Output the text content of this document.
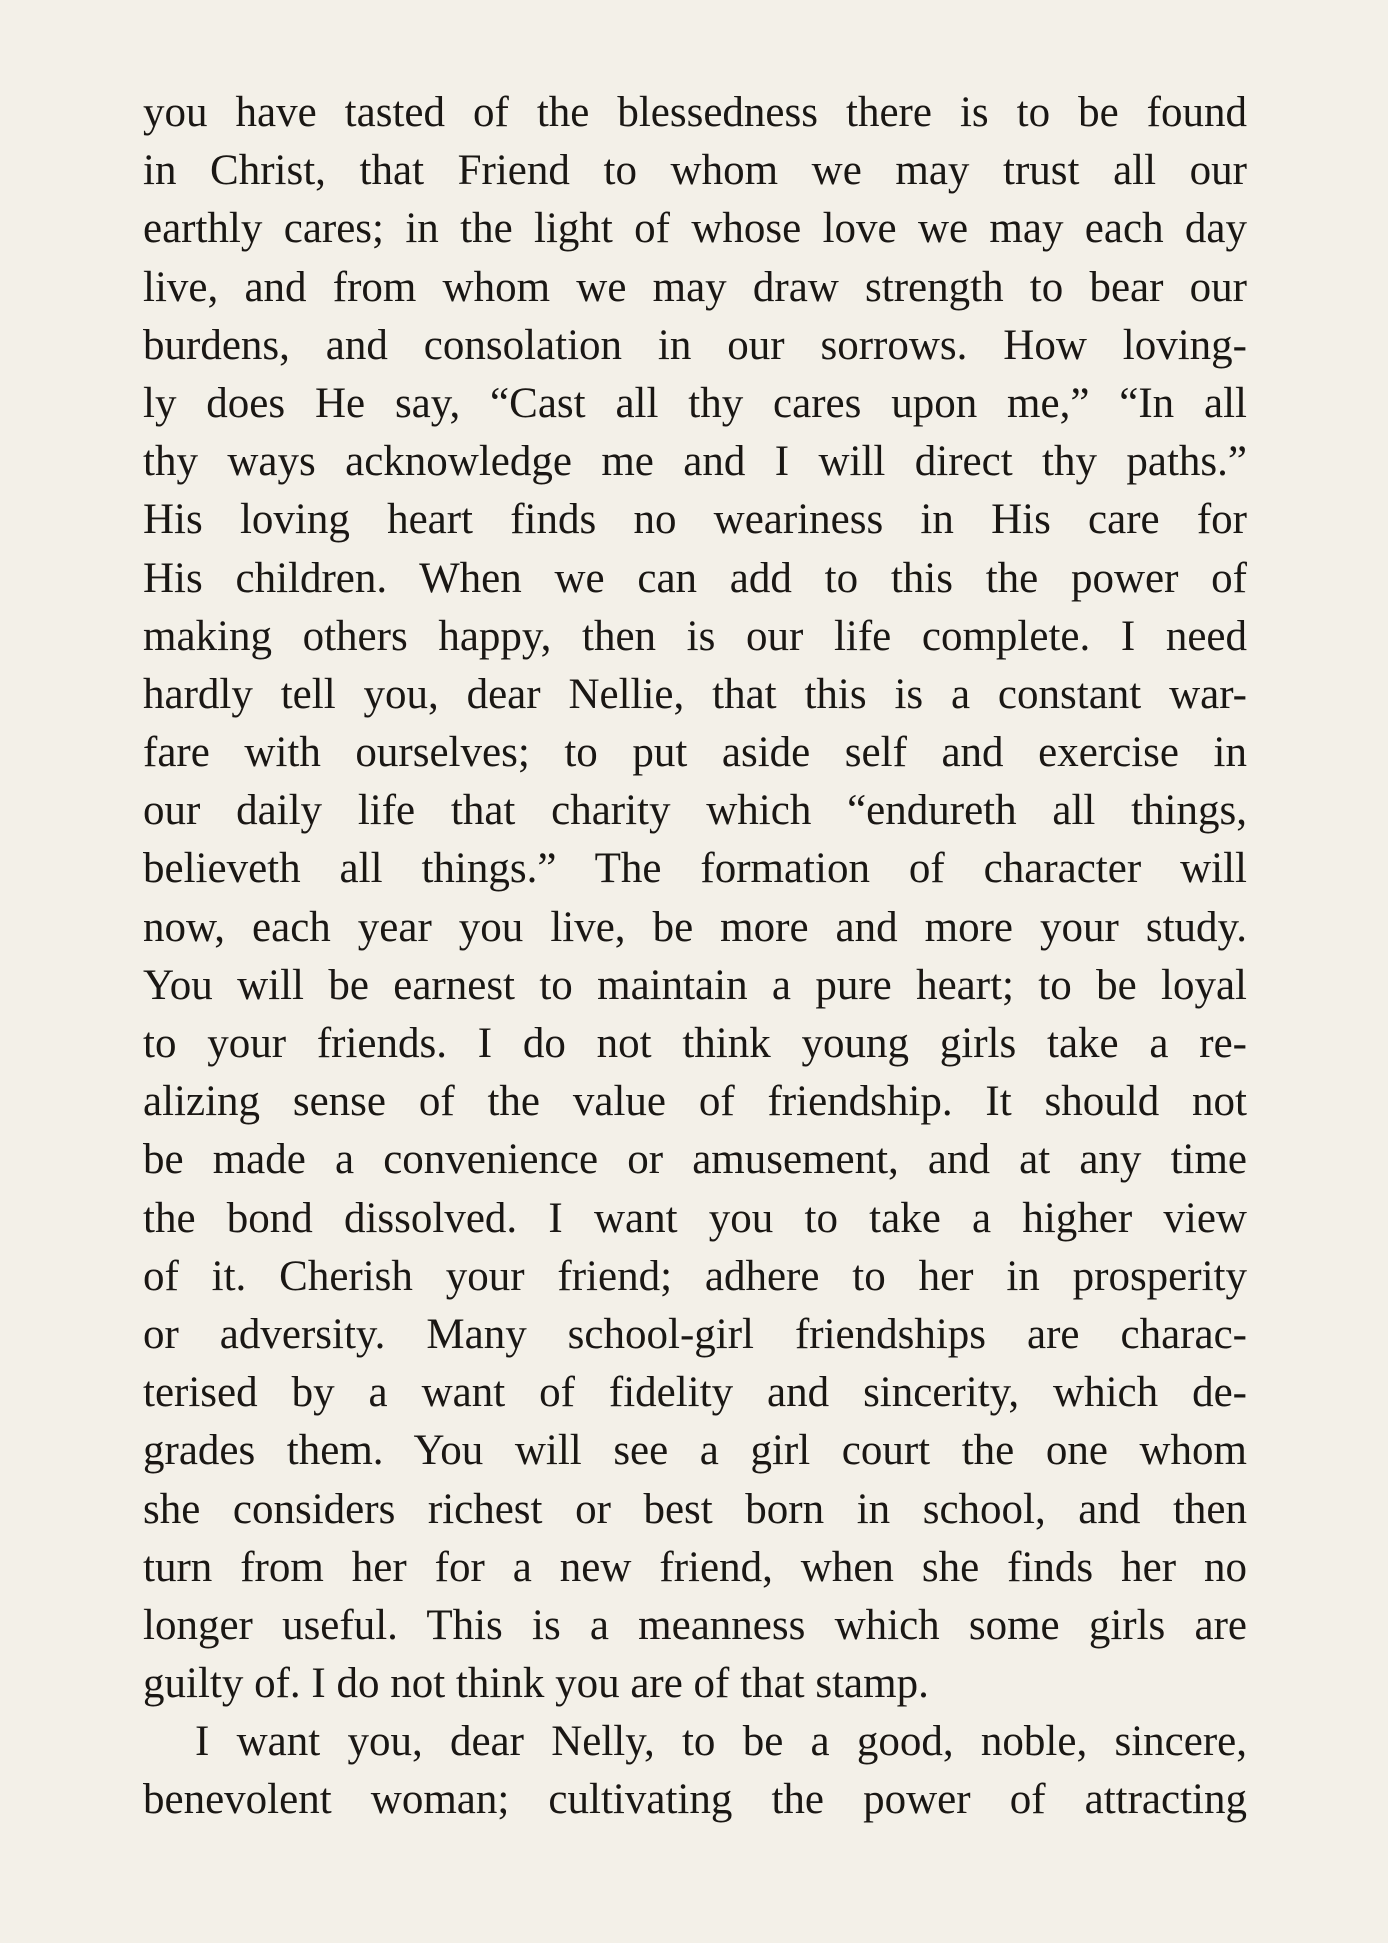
you have tasted of the blessedness there is to be found
in Christ, that Friend to whom we may trust all our
earthly cares; in the light of whose love we may each day
live, and from whom we may draw strength to bear our
burdens, and consolation in our sorrows. How loving-
ly does He say, “Cast all thy cares upon me,” “In all
thy ways acknowledge me and I will direct thy paths.”
His loving heart finds no weariness in His care for
His children. When we can add to this the power of
making others happy, then is our life complete. I need
hardly tell you, dear Nellie, that this is a constant war-
fare with ourselves; to put aside self and exercise in
our daily life that charity which “endureth all things,
believeth all things.” The formation of character will
now, each year you live, be more and more your study.
You will be earnest to maintain a pure heart; to be loyal
to your friends. I do not think young girls take a re-
alizing sense of the value of friendship. It should not
be made a convenience or amusement, and at any time
the bond dissolved. I want you to take a higher view
of it. Cherish your friend; adhere to her in prosperity
or adversity. Many school-girl friendships are charac-
terised by a want of fidelity and sincerity, which de-
grades them. You will see a girl court the one whom
she considers richest or best born in school, and then
turn from her for a new friend, when she finds her no
longer useful. This is a meanness which some girls are
guilty of. I do not think you are of that stamp.
I want you, dear Nelly, to be a good, noble, sincere,
benevolent woman; cultivating the power of attracting
